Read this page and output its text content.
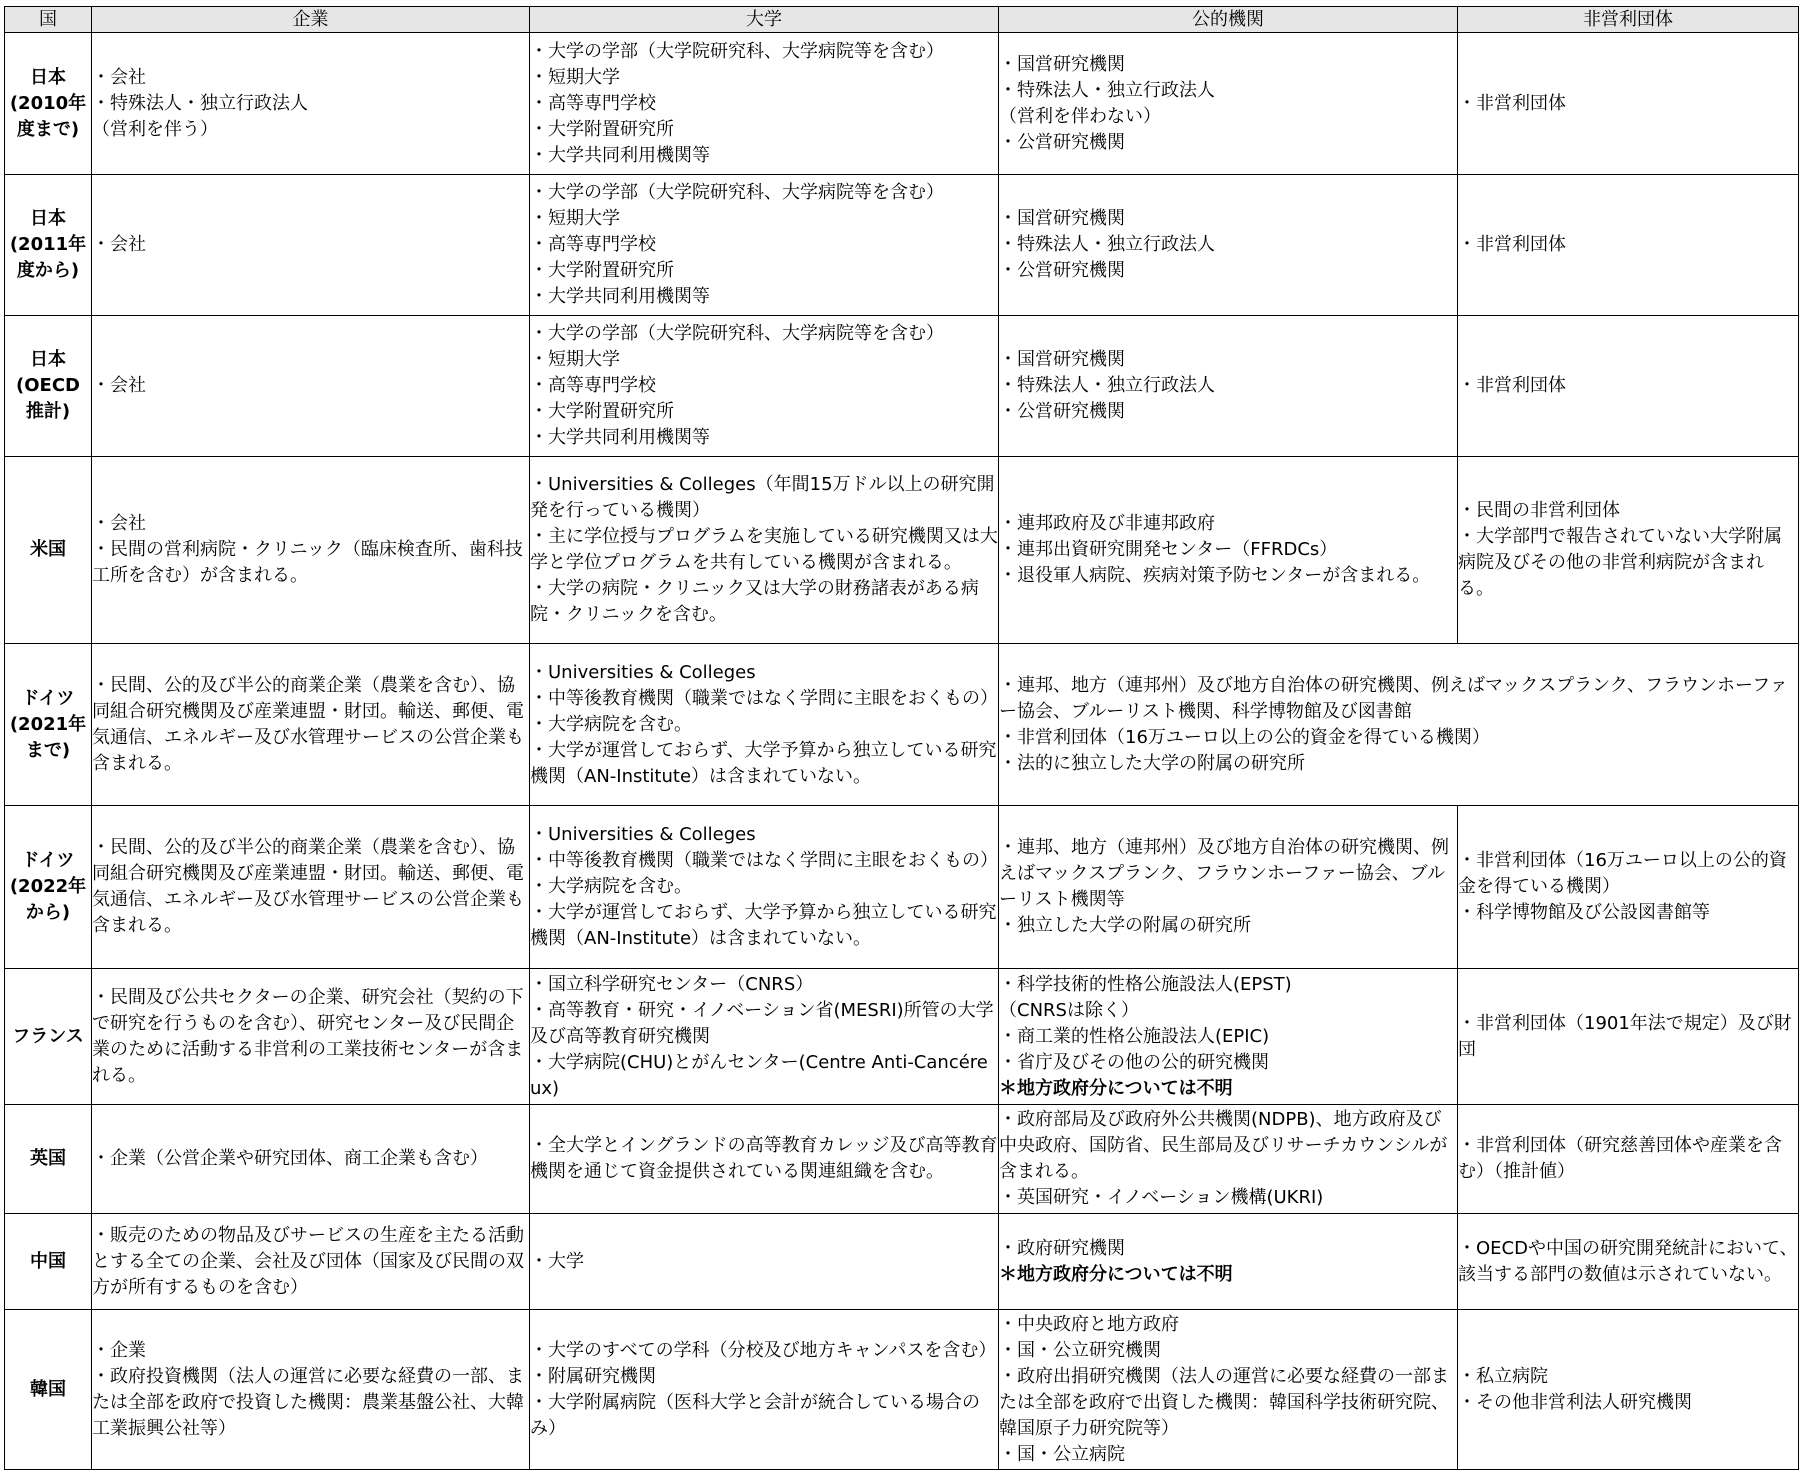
国	企業	大学	公的機関	非営利団体
日本
(2010年
度まで)	・会社
・特殊法人・独立行政法人
（営利を伴う）	・大学の学部（大学院研究科、大学病院等を含む）
・短期大学
・高等専門学校
・大学附置研究所
・大学共同利用機関等	・国営研究機関
・特殊法人・独立行政法人
（営利を伴わない）
・公営研究機関	・非営利団体

日本
(2011年
度から)	・会社	・大学の学部（大学院研究科、大学病院等を含む）
・短期大学
・高等専門学校
・大学附置研究所
・大学共同利用機関等	・国営研究機関
・特殊法人・独立行政法人
・公営研究機関	・非営利団体

日本
(OECD
推計)	・会社	・大学の学部（大学院研究科、大学病院等を含む）
・短期大学
・高等専門学校
・大学附置研究所
・大学共同利用機関等	・国営研究機関
・特殊法人・独立行政法人
・公営研究機関	・非営利団体

米国	・会社
・民間の営利病院・クリニック（臨床検査所、歯科技工所を含む）が含まれる。	・Universities & Colleges（年間15万ドル以上の研究開発を行っている機関）
・主に学位授与プログラムを実施している研究機関又は大学と学位プログラムを共有している機関が含まれる。
・大学の病院・クリニック又は大学の財務諸表がある病院・クリニックを含む。	・連邦政府及び非連邦政府
・連邦出資研究開発センター（FFRDCs）
・退役軍人病院、疾病対策予防センターが含まれる。	・民間の非営利団体
・大学部門で報告されていない大学附属病院及びその他の非営利病院が含まれる。

ドイツ
(2021年
まで)	・民間、公的及び半公的商業企業（農業を含む）、協同組合研究機関及び産業連盟・財団。輸送、郵便、電気通信、エネルギー及び水管理サービスの公営企業も含まれる。	・Universities & Colleges
・中等後教育機関（職業ではなく学問に主眼をおくもの）
・大学病院を含む。
・大学が運営しておらず、大学予算から独立している研究機関（AN-Institute）は含まれていない。	・連邦、地方（連邦州）及び地方自治体の研究機関、例えばマックスプランク、フラウンホーファー協会、ブルーリスト機関、科学博物館及び図書館
・非営利団体（16万ユーロ以上の公的資金を得ている機関）
・法的に独立した大学の附属の研究所	

ドイツ
(2022年
から)	・民間、公的及び半公的商業企業（農業を含む）、協同組合研究機関及び産業連盟・財団。輸送、郵便、電気通信、エネルギー及び水管理サービスの公営企業も含まれる。	・Universities & Colleges
・中等後教育機関（職業ではなく学問に主眼をおくもの）
・大学病院を含む。
・大学が運営しておらず、大学予算から独立している研究機関（AN-Institute）は含まれていない。	・連邦、地方（連邦州）及び地方自治体の研究機関、例えばマックスプランク、フラウンホーファー協会、ブルーリスト機関等
・独立した大学の附属の研究所	・非営利団体（16万ユーロ以上の公的資金を得ている機関）
・科学博物館及び公設図書館等

フランス	・民間及び公共セクターの企業、研究会社（契約の下で研究を行うものを含む）、研究センター及び民間企業のために活動する非営利の工業技術センターが含まれる。	・国立科学研究センター（CNRS）
・高等教育・研究・イノベーション省(MESRI)所管の大学及び高等教育研究機関
・大学病院(CHU)とがんセンター(Centre Anti-Cancéreux)	・科学技術的性格公施設法人(EPST)
（CNRSは除く）
・商工業的性格公施設法人(EPIC)
・省庁及びその他の公的研究機関
＊地方政府分については不明	・非営利団体（1901年法で規定）及び財団

英国	・企業（公営企業や研究団体、商工企業も含む）	・全大学とイングランドの高等教育カレッジ及び高等教育機関を通じて資金提供されている関連組織を含む。	・政府部局及び政府外公共機関(NDPB)、地方政府及び中央政府、国防省、民生部局及びリサーチカウンシルが含まれる。
・英国研究・イノベーション機構(UKRI)	・非営利団体（研究慈善団体や産業を含む）（推計値）

中国	・販売のための物品及びサービスの生産を主たる活動とする全ての企業、会社及び団体（国家及び民間の双方が所有するものを含む）	・大学	・政府研究機関
＊地方政府分については不明	・OECDや中国の研究開発統計において、該当する部門の数値は示されていない。

韓国	・企業
・政府投資機関（法人の運営に必要な経費の一部、または全部を政府で投資した機関：農業基盤公社、大韓工業振興公社等）	・大学のすべての学科（分校及び地方キャンパスを含む）
・附属研究機関
・大学附属病院（医科大学と会計が統合している場合のみ）	・中央政府と地方政府
・国・公立研究機関
・政府出捐研究機関（法人の運営に必要な経費の一部または全部を政府で出資した機関：韓国科学技術研究院、韓国原子力研究院等）
・国・公立病院	・私立病院
・その他非営利法人研究機関
